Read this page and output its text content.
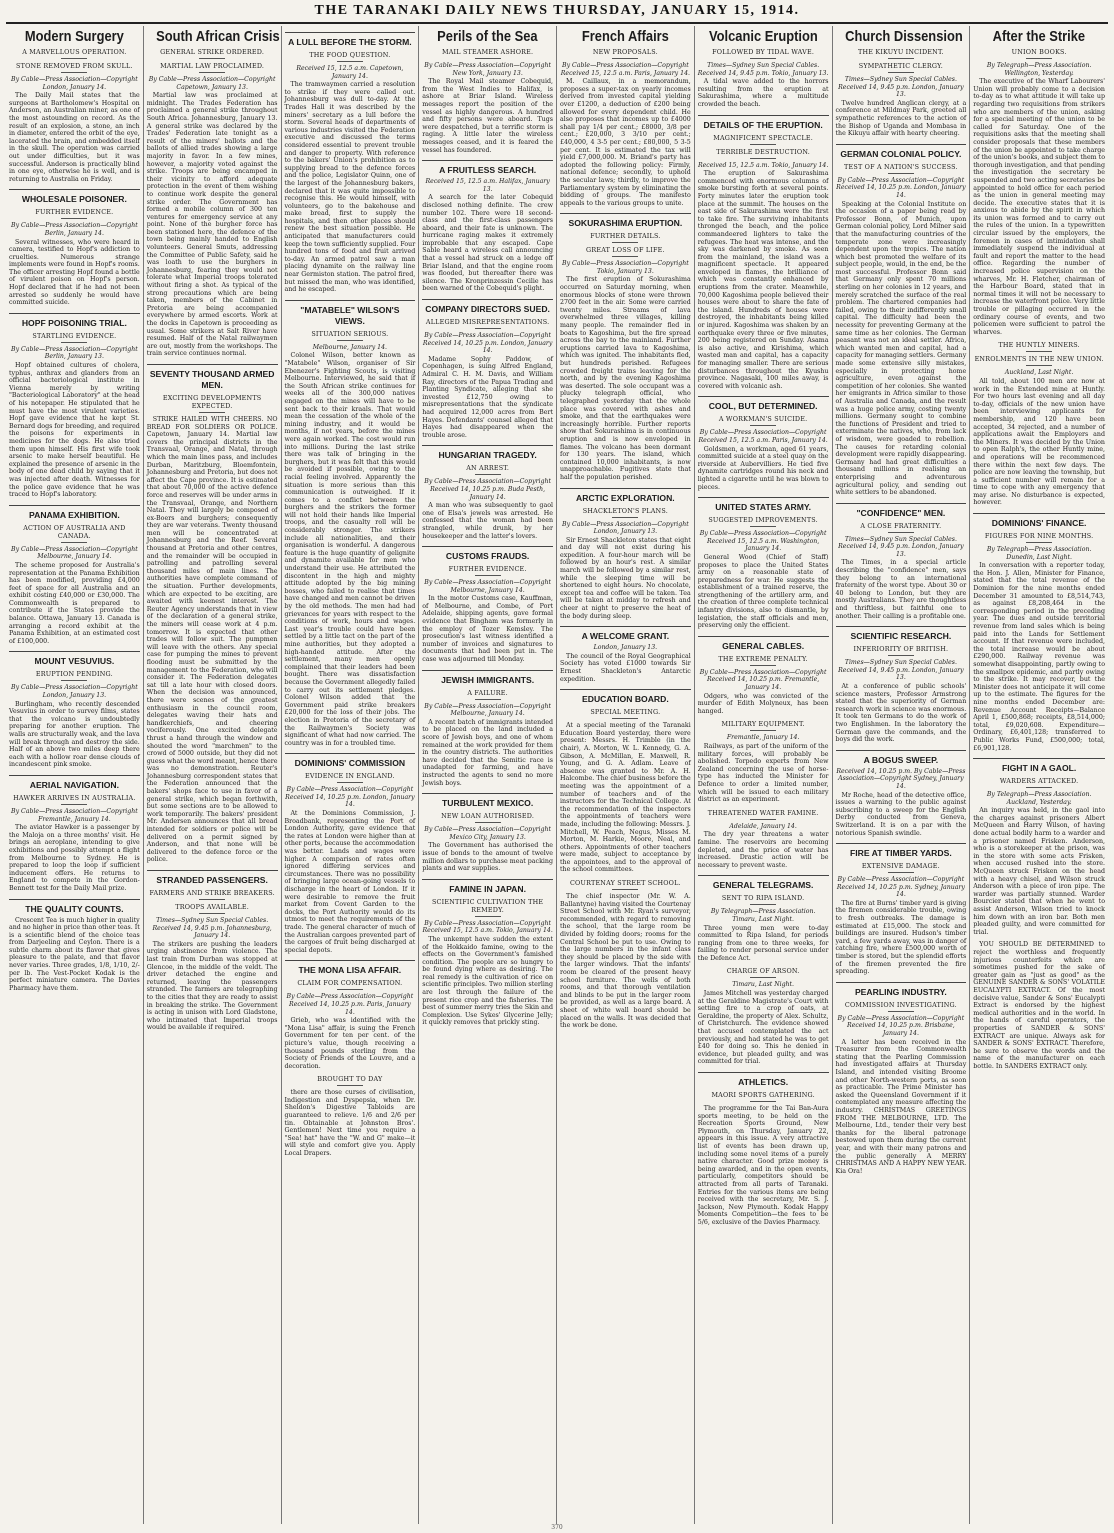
THE TARANAKI DAILY NEWS THURSDAY, JANUARY 15, 1914.
Modern Surgery
A MARVELLOUS OPERATION.
STONE REMOVED FROM SKULL.
By Cable—Press Association—Copyright London, January 14.

The Daily Mail states that the surgeons at Bartholomew's Hospital on Anderson, an Australian miner, as one of the most astounding on record. As the result of an explosion, a stone, an inch in diameter, entered the orbit of the eye, lacerated the brain, and embedded itself in the skull. The operation was carried out under difficulties, but it was successful. Anderson is practically blind in one eye, otherwise he is well, and is returning to Australia on Friday.

WHOLESALE POISONER.
FURTHER EVIDENCE.
By Cable—Press Association—Copyright Berlin, January 14.

Several witnesses, who were heard in camera, testified to Hopf's addiction to cruelties. Numerous strange implements were found in Hopf's rooms. The officer arresting Hopf found a bottle of virulent poison on Hopf's person. Hopf declared that if he had not been arrested so suddenly he would have committed suicide.

HOPF POISONING TRIAL.
STARTLING EVIDENCE.
By Cable—Press Association—Copyright Berlin, January 13.

Hopf obtained cultures of cholera, typhus, anthrax and glanders from an official bacteriological institute in Vienna merely by writing "Bacteriological Laboratory" at the head of his notepaper. He stipulated that he must have the most virulent varieties. Hopf gave evidence that he kept St. Bernard dogs for breeding, and required the poisons for experiments in medicines for the dogs. He also tried them upon himself. His first wife took arsenic to make herself beautiful. He explained the presence of arsenic in the body of one dead child by saying that it was injected after death. Witnesses for the police gave evidence that he was traced to Hopf's laboratory.

PANAMA EXHIBITION.
ACTION OF AUSTRALIA AND CANADA.
By Cable—Press Association—Copyright Melbourne, January 14.

The scheme proposed for Australia's representation at the Panama Exhibition has been modified, providing £4,000 feet of space for all Australia and an exhibit costing £40,000 or £30,000. The Commonwealth is prepared to contribute if the States provide the balance. Ottawa, January 13. Canada is arranging a record exhibit at the Panama Exhibition, at an estimated cost of £100,000.

MOUNT VESUVIUS.
ERUPTION PENDING.
By Cable—Press Association—Copyright London, January 13.

Burlingham, who recently descended Vesuvius in order to survey films, states that the volcano is undoubtedly preparing for another eruption. The walls are structurally weak, and the lava will break through and destroy the side. Half of an above two miles deep there each with a hollow roar dense clouds of incandescent pink smoke.

AERIAL NAVIGATION.
HAWKER ARRIVES IN AUSTRALIA.
By Cable—Press Association—Copyright Fremantle, January 14.

The aviator Hawker is a passenger by the Maloja on a three months' visit. He brings an aeroplane, intending to give exhibitions and possibly attempt a flight from Melbourne to Sydney. He is prepared to loop the loop if sufficient inducement offers. He returns to England to compete in the Gordon-Bennett test for the Daily Mail prize.

THE QUALITY COUNTS.

Crescent Tea is much higher in quality and no higher in price than other teas. It is a scientific blend of the choice teas from Darjeeling and Ceylon. There is a subtle charm about its flavor that gives pleasure to the palate, and that flavor never varies. Three grades, 1/8, 1/10, 2/- per lb. The Vest-Pocket Kodak is the perfect miniature camera. The Davies Pharmacy have them.

South African Crisis
GENERAL STRIKE ORDERED.
MARTIAL LAW PROCLAIMED.
By Cable—Press Association—Copyright Capetown, January 13.

Martial law was proclaimed at midnight. The Trades Federation has proclaimed a general strike throughout South Africa. Johannesburg, January 13. A general strike was declared by the Trades' Federation late tonight as a result of the miners' ballots and the ballots of allied trades showing a large majority in favor. In a few mines, however, a majority voted against the strike. Troops are being encamped in their vicinity to afford adequate protection in the event of them wishing to continue work despite the general strike order. The Government has formed a mobile column of 300 ten ventures for emergency service at any point. None of the burgher force has been stationed here, the defence of the town being mainly handed to English volunteers. General Smuts, addressing the Committee of Public Safety, said he was loath to use the burghers in Johannesburg, fearing they would not tolerate what Imperial troops tolerated without firing a shot. As typical of the strong precautions which are being taken, members of the Cabinet in Pretoria are being accompanied everywhere by armed escorts. Work at the docks in Capetown is proceeding as usual. Some strikers at Salt River have resumed. Half of the Natal railwaymen are out, mostly from the workshops. The train service continues normal.

SEVENTY THOUSAND ARMED MEN.
EXCITING DEVELOPMENTS EXPECTED.

STRIKE HAILED WITH CHEERS. NO BREAD FOR SOLDIERS OR POLICE. Capetown, January 14. Martial law covers the principal districts in the Transvaal, Orange, and Natal, through which the main lines pass, and includes Durban, Maritzburg, Bloemfontein, Johannesburg and Pretoria, but does not affect the Cape province. It is estimated that about 70,000 of the active defence force and reserves will be under arms in the Transvaal, Orange, and Northern Natal. They will largely be composed of ex-Boers and burghers; consequently they are war veterans. Twenty thousand men will be concentrated at Johannesburg and the Reef. Several thousand at Pretoria and other centres, and the remainder will be occupied in patrolling and patrolling several thousand miles of main lines. The authorities have complete command of the situation. Further developments, which are expected to be exciting, are awaited with keenest interest. The Reuter Agency understands that in view of the declaration of a general strike, the miners will cease work at 4 p.m. tomorrow. It is expected that other trades will follow suit. The pumpmen will leave with the others. Any special case for pumping the mines to prevent flooding must be submitted by the management to the Federation, who will consider it. The Federation delegates sat till a late hour with closed doors. When the decision was announced, there were scenes of the greatest enthusiasm in the council room, delegates waving their hats and handkerchiefs, and cheering vociferously. One excited delegate thrust a hand through the window and shouted the word "marchmen" to the crowd of 5000 outside, but they did not guess what the word meant, hence there was no demonstration. Reuter's Johannesburg correspondent states that the Federation announced that the bakers' shops face to use in favor of a general strike, which began forthwith, but some sections are to be allowed to work temporarily. The bakers' president Mr. Andersen announces that all bread intended for soldiers or police will be delivered on a permit signed by Anderson, and that none will be delivered to the defence force or the police.

STRANDED PASSENGERS.
FARMERS AND STRIKE BREAKERS.
TROOPS AVAILABLE.
Times—Sydney Sun Special Cables. Received 14, 9.45 p.m. Johannesburg, January 14.

The strikers are pushing the leaders urging abstinence from violence. The last train from Durban was stopped at Glencoe, in the middle of the veldt. The driver detached the engine and returned, leaving the passengers stranded. The farmers are telegraphing to the cities that they are ready to assist in breaking the strike. The Government is acting in unison with Lord Gladstone, who intimated that Imperial troops would be available if required.

A LULL BEFORE THE STORM.
THE FOOD QUESTION.
Received 15, 12.5 a.m. Capetown, January 14.

The tramwaymen carried a resolution to strike if they were called out. Johannesburg was dull to-day. At the Trades Hall it was described by the miners' secretary as a lull before the storm. Several heads of departments of various industries visited the Federation executive and discussed the terms considered essential to prevent trouble and danger to property. With reference to the bakers' Union's prohibition as to supplying bread to the defence forces and the police, Legislator Quinn, one of the largest of the Johannesburg bakers, declared that it was quite impossible to recognise this. He would himself, with volunteers, go to the bakehouse and make bread, first to supply the hospitals, and then other places should renew the best situation possible. He anticipated that manufacturers could keep the town sufficiently supplied. Four hundred tons of food and fruit arrived to-day. An armed patrol saw a man placing dynamite on the railway line near Germiston station. The patrol fired, but missed the man, who was identified, and he escaped.

"MATABELE" WILSON'S VIEWS.
SITUATION SERIOUS.
Melbourne, January 14.

Colonel Wilson, better known as "Matabele" Wilson, organiser of Sir Ebenezer's Fighting Scouts, is visiting Melbourne. Interviewed, he said that if the South African strike continues for weeks all of the 300,000 natives engaged on the mines will have to be sent back to their kraals. That would mean the cessation of the whole of the mining industry, and it would be months, if not years, before the mines were again worked. The cost would run into millions. During the last strike there was talk of bringing in the burghers, but it was felt that this would be avoided if possible, owing to the racial feeling involved. Apparently the situation is more serious than this communication is outweighed. If it comes to a conflict between the burghers and the strikers the former will not hold their hands like Imperial troops, and the casualty roll will be considerably stronger. The strikers include all nationalities, and their organisation is wonderful. A dangerous feature is the huge quantity of gelignite and dynamite available for men who understand their use. He attributed the discontent in the high and mighty attitude adopted by the big mining bosses, who failed to realise that times have changed and men cannot be driven by the old methods. The men had had grievances for years with respect to the conditions of work, hours and wages. Last year's trouble could have been settled by a little tact on the part of the mine authorities, but they adopted a high-handed attitude. After the settlement, many men openly complained that their leaders had been bought. There was dissatisfaction because the Government allegedly failed to carry out its settlement pledges. Colonel Wilson added that the Government paid strike breakers £20,000 for the loss of their jobs. The election in Pretoria of the secretary of the Railwaymen's Society was significant of what had now carried. The country was in for a troubled time.

DOMINIONS' COMMISSION
EVIDENCE IN ENGLAND.
By Cable—Press Association—Copyright Received 14, 10.25 p.m. London, January 14.

At the Dominions Commission, J. Broadbank, representing the Port of London Authority, gave evidence that the rates at London were higher than at other ports, because the accommodation was better. Lands and wages were higher. A comparison of rates often ignored differing services and circumstances. There was no possibility of bringing large ocean-going vessels to discharge in the heart of London. If it were desirable to remove the fruit market from Covent Garden to the docks, the Port Authority would do its utmost to meet the requirements of the trade. The general character of much of the Australian cargoes prevented part of the cargoes of fruit being discharged at special depots.

THE MONA LISA AFFAIR.
CLAIM FOR COMPENSATION.
By Cable—Press Association—Copyright Received 14, 10.25 p.m. Paris, January 14.

Grieb, who was identified with the "Mona Lisa" affair, is suing the French Government for ten per cent. of the picture's value, though receiving a thousand pounds sterling from the Society of Friends of the Louvre, and a decoration.

BROUGHT TO DAY

there are those curses of civilisation, Indigestion and Dyspepsia, when Dr. Sheldon's Digestive Tabloids are guaranteed to relieve. 1/6 and 2/6 per tin. Obtainable at Johnston Bros'. Gentlemen! Next time you require a "Sea! hat" have the "W. and G" make—it will style and comfort give you. Apply Local Drapers.

Perils of the Sea
MAIL STEAMER ASHORE.
By Cable—Press Association—Copyright New York, January 13.

The Royal Mail steamer Cobequid, from the West Indies to Halifax, is ashore at Briar Island. Wireless messages report the position of the vessel as highly dangerous. A hundred and fifty persons were aboard. Tugs were despatched, but a terrific storm is raging. A little later the wireless messages ceased, and it is feared the vessel has foundered.

A FRUITLESS SEARCH.
Received 15, 12.5 a.m. Halifax, January 13.

A search for the later Cobequid disclosed nothing definite. The crew number 102. There were 18 second-class and the first-class passengers aboard, and their fate is unknown. The hurricane raging makes it extremely improbable that any escaped. Cape Sable heard a wireless call announcing that a vessel had struck on a ledge off Briar Island, and that the engine room was flooded, but thereafter there was silence. The Kronprinzessin Cecilie has been warned of the Cobequid's plight.

COMPANY DIRECTORS SUED.
ALLEGED MISREPRESENTATIONS.
By Cable—Press Association—Copyright Received 14, 10.25 p.m. London, January 14.

Madame Sophy Paddow, of Copenhagen, is suing Alfred England, Admiral C. H. M. Davis, and William Ray, directors of the Papua Trading and Planting Syndicate, alleging that she invested £12,750 owing to misrepresentations that the syndicate had acquired 12,000 acres from Bert Hayes. Defendants' counsel alleged that Hayes had disappeared when the trouble arose.

HUNGARIAN TRAGEDY.
AN ARREST.
By Cable—Press Association—Copyright Received 14, 10.25 p.m. Buda Pesth, January 14.

A man who was subsequently to gaol one of Elsa's jewels was arrested. He confessed that the woman had been strangled, while drunk, by her housekeeper and the latter's lovers.

CUSTOMS FRAUDS.
FURTHER EVIDENCE.
By Cable—Press Association—Copyright Melbourne, January 14.

In the motor Customs case, Kauffman, of Melbourne, and Combe, of Port Adelaide, shipping agents, gave formal evidence that Bingham was formerly in the employ of Tozer Kemsley. The prosecution's last witness identified a number of invoices and signatures to documents that had been put in. The case was adjourned till Monday.

JEWISH IMMIGRANTS.
A FAILURE.
By Cable—Press Association—Copyright Melbourne, January 14.

A recent batch of immigrants intended to be placed on the land included a score of Jewish boys, and one of whom remained at the work provided for them in the country districts. The authorities have decided that the Semitic race is unadapted for farming, and have instructed the agents to send no more Jewish boys.

TURBULENT MEXICO.
NEW LOAN AUTHORISED.
By Cable—Press Association—Copyright Mexico City, January 13.

The Government has authorised the issue of bonds to the amount of twelve million dollars to purchase meat packing plants and war supplies.

FAMINE IN JAPAN.
SCIENTIFIC CULTIVATION THE REMEDY.
By Cable—Press Association—Copyright Received 15, 12.5 a.m. Tokio, January 14.

The unkempt have sudden the extent of the Hokkaido famine, owing to the effects on the Government's famished condition. The people are so hungry to be found dying where as desiring. The real remedy is the cultivation of rice on scientific principles. Two million sterling are lost through the failure of the present rice crop and the fisheries. The best of summer merry tries the Skin and Complexion. Use Sykes' Glycerine Jelly; it quickly removes that prickly sting.

French Affairs
NEW PROPOSALS.
By Cable—Press Association—Copyright Received 15, 12.5 a.m. Paris, January 14.

M. Caillaux, in a memorandum, proposes a super-tax on yearly incomes derived from invested capital yielding over £1200, a deduction of £200 being allowed for every dependent child. He also proposes that incomes up to £4000 shall pay 1/4 per cent.; £8000, 3/8 per cent.; £20,000, 3 3/10 per cent.; £40,000, 4 3-5 per cent.; £80,000, 5 3-5 per cent. It is estimated the tax will yield £7,000,000. M. Briand's party has adopted the following policy: Firmly, national defence; secondly, to uphold the secular laws; thirdly, to improve the Parliamentary system by eliminating the bidding of groups. The manifesto appeals to the various groups to unite.

SOKURASHIMA ERUPTION.
FURTHER DETAILS.
GREAT LOSS OF LIFE.
By Cable—Press Association—Copyright Tokio, January 13.

The first eruption of Sokurashima occurred on Saturday morning, when enormous blocks of stone were thrown 2700 feet in the air. Some were carried twenty miles. Streams of lava overwhelmed three villages, killing many people. The remainder fled in boats to Kagoshima, but the fire spread across the bay to the mainland. Further eruptions carried lava to Kagoshima, which was ignited. The inhabitants fled, but hundreds perished. Refugees crowded freight trains leaving for the north, and by the evening Kagoshima was deserted. The sole occupant was a plucky telegraph official, who telegraphed yesterday that the whole place was covered with ashes and smoke, and that the earthquakes were increasingly horrible. Further reports show that Sokurashima is in continuous eruption and is now enveloped in flames. The volcano has been dormant for 130 years. The island, which contained 10,000 inhabitants, is now unapproachable. Fugitives state that half the population perished.

ARCTIC EXPLORATION.
SHACKLETON'S PLANS.
By Cable—Press Association—Copyright London, January 13.

Sir Ernest Shackleton states that eight and day will not exist during his expedition. A four-hour march will be followed by an hour's rest. A similar march will be followed by a similar rest, while the sleeping time will be shortened to eight hours. No chocolate, except tea and coffee will be taken. Tea will be taken at midday to refresh and cheer at night to preserve the heat of the body during sleep.

A WELCOME GRANT.
London, January 13.

The council of the Royal Geographical Society has voted £1000 towards Sir Ernest Shackleton's Antarctic expedition.

EDUCATION BOARD.
SPECIAL MEETING.

At a special meeting of the Taranaki Education Board yesterday, there were present: Messrs. H. Trimble (in the chair), A. Morton, W. L. Kennedy, G. A. Gibson, A. McMillan, E. Maxwell, R. Young, and G. A. Adlam. Leave of absence was granted to Mr. A. H. Halcombe. The chief business before the meeting was the appointment of a number of teachers and of the instructors for the Technical College. At the recommendation of the inspectors the appointments of teachers were made, including the following: Messrs. J. Mitchell, W. Peach, Negus, Misses M. Morton, M. Harkie, Moore, Neal, and others. Appointments of other teachers were made, subject to acceptance by the appointees, and to the approval of the school committees.

COURTENAY STREET SCHOOL.

The chief inspector (Mr. W. A. Ballantyne) having visited the Courtenay Street School with Mr. Ryan's surveyor, recommended, with regard to removing the school, that the large room be divided by folding doors; rooms for the Central School be put to use. Owing to the large numbers in the infant class they should be placed by the side with the larger windows. That the infants' room be cleared of the present heavy school furniture. The wells of both rooms, and that thorough ventilation and blinds to be put in the larger room be provided, as well as a large board. A sheet of white wall board should be placed on the walls. It was decided that the work be done.

Volcanic Eruption
FOLLOWED BY TIDAL WAVE.
Times—Sydney Sun Special Cables. Received 14, 9.45 p.m. Tokio, January 13.

A tidal wave added to the horrors resulting from the eruption at Sakurashima, where a multitude crowded the beach.

DETAILS OF THE ERUPTION.
MAGNIFICENT SPECTACLE.
TERRIBLE DESTRUCTION.
Received 15, 12.5 a.m. Tokio, January 14.

The eruption of Sakurashima commenced with enormous columns of smoke bursting forth at several points. Forty minutes later the eruption took place at the summit. The houses on the east side of Sakurashima were the first to take fire. The surviving inhabitants thronged the beach, and the police commandeered lighters to take the refugees. The heat was intense, and the sky was darkened by smoke. As seen from the mainland, the island was a magnificent spectacle. It appeared enveloped in flames, the brilliance of which was constantly enhanced by eruptions from the crater. Meanwhile, 70,000 Kagoshima people believed their houses were about to share the fate of the island. Hundreds of houses were destroyed, the inhabitants being killed or injured. Kagoshima was shaken by an earthquake every three or five minutes, 200 being registered on Sunday. Asama is also active, and Kirishima, which wasted man and capital, has a capacity for managing smaller. There are serious disturbances throughout the Kyushu province. Nagasaki, 100 miles away, is covered with volcanic ash.

COOL, BUT DETERMINED.
A WORKMAN'S SUICIDE.
By Cable—Press Association—Copyright Received 15, 12.5 a.m. Paris, January 14.

Goldsmen, a workman, aged 61 years, committed suicide at a steel quay on the riverside at Aubervilliers. He tied five dynamite cartridges round his neck and lighted a cigarette until he was blown to pieces.

UNITED STATES ARMY.
SUGGESTED IMPROVEMENTS.
By Cable—Press Association—Copyright Received 15, 12.5 a.m. Washington, January 14.

General Wood (Chief of Staff) proposes to place the United States army on a reasonable state of preparedness for war. He suggests the establishment of a trained reserve, the strengthening of the artillery arm, and the creation of three complete technical infantry divisions, also to dismantle, by legislation, the staff officials and men, preserving only the efficient.

GENERAL CABLES.
THE EXTREME PENALTY.
By Cable—Press Association—Copyright Received 14, 10.25 p.m. Fremantle, January 14.

Odgers, who was convicted of the murder of Edith Molyneux, has been hanged.

MILITARY EQUIPMENT.
Fremantle, January 14.

Railways, as part of the uniform of the military forces, will probably be abolished. Torpedo experts from New Zealand concerning the use of horse-type has inducted the Minister for Defence to order a limited number, which will be issued to each military district as an experiment.

THREATENED WATER FAMINE.
Adelaide, January 14.

The dry year threatens a water famine. The reservoirs are becoming depleted, and the price of water has increased. Drastic action will be necessary to prevent waste.

GENERAL TELEGRAMS.
SENT TO RIPA ISLAND.
By Telegraph—Press Association. Timaru, Last Night.

Three young men were to-day committed to Ripa Island, for periods ranging from one to three weeks, for failing to render personal service under the Defence Act.

CHARGE OF ARSON.
Timaru, Last Night.

James Mitchell was yesterday charged at the Geraldine Magistrate's Court with setting fire to a crop of oats, at Geraldine, the property of Alex. Schultz, of Christchurch. The evidence showed that accused contemplated the act previously, and had stated he was to get £40 for doing so. This he denied in evidence, but pleaded guilty, and was committed for trial.

ATHLETICS.
MAORI SPORTS GATHERING.

The programme for the Tai Ban-Aura sports meeting, to be held on the Recreation Sports Ground, New Plymouth, on Thursday, January 22, appears in this issue. A very attractive list of events has been drawn up, including some novel items of a purely native character. Good prize money is being awarded, and in the open events, particularly, competitors should be attracted from all parts of Taranaki. Entries for the various items are being received with the secretary, Mr. S. J. Jackson, New Plymouth. Kodak Happy Moments Competition—the fees to be 5/6, exclusive of the Davies Pharmacy.

Church Dissension
THE KIKUYU INCIDENT.
SYMPATHETIC CLERGY.
Times—Sydney Sun Special Cables. Received 14, 9.45 p.m. London, January 13.

Twelve hundred Anglican clergy, at a conference at Mildmay Park, greeted all sympathetic references to the action of the Bishop of Uganda and Mombasa in the Kikuyu affair with hearty cheering.

GERMAN COLONIAL POLICY.
TEST OF A NATION'S SUCCESS.
By Cable—Press Association—Copyright Received 14, 10.25 p.m. London, January 14.

Speaking at the Colonial Institute on the occasion of a paper being read by Professor Bonn, of Munich, upon German colonial policy, Lord Milner said that the manufacturing countries of the temperate zone were increasingly dependent upon the tropics. The nation which best promoted the welfare of its subject people, would, in the end, be the most successful. Professor Bonn said that Germany only spent 70 millions sterling on her colonies in 12 years, and merely scratched the surface of the real problem. The chartered companies had failed, owing to their indifferently small capital. The difficulty had been the necessity for preventing Germany at the same time as her colonies. The German peasant was not an ideal settler. Africa, which wanted men and capital, had a capacity for managing settlers. Germany made some extensive silly mistakes, especially in protecting home agriculture, even against the competition of her colonies. She wanted her emigrants in Africa similar to those of Australia and Canada, and the result was a huge police army, costing twenty millions. Germany sought to combine the functions of President and tried to exterminate the natives, who, from lack of wisdom, were goaded to rebellion. The causes for retarding colonial development were rapidly disappearing. Germany had had great difficulties a thousand millions in realising an enterprising and adventurous agricultural policy, and sending out white settlers to be abandoned.

"CONFIDENCE" MEN.
A CLOSE FRATERNITY.
Times—Sydney Sun Special Cables. Received 14, 9.45 p.m. London, January 13.

The Times, in a special article describing the "confidence" men, says they belong to an international fraternity of the worst type. About 30 or 40 belong to London, but they are mostly Australians. They are thoughtless and thriftless, but faithful one to another. Their calling is a profitable one.

SCIENTIFIC RESEARCH.
INFERIORITY OF BRITISH.
Times—Sydney Sun Special Cables. Received 14, 9.45 p.m. London, January 13.

At a conference of public schools' science masters, Professor Armstrong stated that the superiority of German research work in science was enormous. It took ten Germans to do the work of two Englishmen. In the laboratory the German gave the commands, and the boys did the work.

A BOGUS SWEEP.
Received 14, 10.25 p.m. By Cable—Press Association—Copyright Sydney, January 14.

Mr Roche, head of the detective office, issues a warning to the public against subscribing to a sweep for the English Derby conducted from Geneva, Switzerland. It is on a par with the notorious Spanish swindle.

FIRE AT TIMBER YARDS.
EXTENSIVE DAMAGE.
By Cable—Press Association—Copyright Received 14, 10.25 p.m. Sydney, January 14.

The fire at Burns' timber yard is giving the firemen considerable trouble, owing to fresh outbreaks. The damage is estimated at £15,000. The stock and buildings are insured. Hudson's timber yard, a few yards away, was in danger of catching fire, where £500,000 worth of timber is stored, but the splendid efforts of the firemen prevented the fire spreading.

PEARLING INDUSTRY.
COMMISSION INVESTIGATING.
By Cable—Press Association—Copyright Received 14, 10.25 p.m. Brisbane, January 14.

A letter has been received in the Treasurer from the Commonwealth stating that the Pearling Commission had investigated affairs at Thursday Island, and intended visiting Broome and other North-western ports, as soon as practicable. The Prime Minister has asked the Queensland Government if it contemplated any measure affecting the industry. CHRISTMAS GREETINGS FROM THE MELBOURNE, LTD. The Melbourne, Ltd., tender their very best thanks for the liberal patronage bestowed upon them during the current year, and with their many patrons and the public generally A MERRY CHRISTMAS AND A HAPPY NEW YEAR. Kia Ora!

After the Strike
UNION BOOKS.
By Telegraph—Press Association. Wellington, Yesterday.

The executive of the Wharf Labourers' Union will probably come to a decision to-day as to what attitude it will take up regarding two requisitions from strikers who are members of the union, asking for a special meeting of the union to be called for Saturday. One of the requisitions asks that the meeting shall consider proposals that these members of the union be appointed to take charge of the union's books, and subject them to thorough investigation, and that pending the investigation the secretary be suspended and two acting secretaries be appointed to hold office for each period as the union in general meeting may decide. The executive states that it is anxious to abide by the spirit in which its union was formed and to carry out the rules of the union. In a typewritten circular issued by the employers, the foremen in cases of intimidation shall immediately suspend the individual at fault and report the matter to the head office. Regarding the number of increased police supervision on the wharves, Mr. H. Fletcher, chairman of the Harbour Board, stated that in normal times it will not be necessary to increase the waterfront police. Very little trouble or pillaging occurred in the ordinary course of events, and two policemen were sufficient to patrol the wharves.

THE HUNTLY MINERS.
ENROLMENTS IN THE NEW UNION.
Auckland, Last Night.

All told, about 100 men are now at work in the Extended mine at Huntly. For two hours last evening and all day to-day, officials of the new union have been interviewing applicants for membership, and 120 have been accepted, 34 rejected, and a number of applications await the Employers and the Miners. It was decided by the Union to open Ralph's, the other Huntly mine, and operations will be recommenced there within the next few days. The police are now leaving the township, but a sufficient number will remain for a time to cope with any emergency that may arise. No disturbance is expected, however.

DOMINIONS' FINANCE.
FIGURES FOR NINE MONTHS.
By Telegraph—Press Association. Dunedin, Last Night.

In conversation with a reporter today, the Hon. J. Allen, Minister for Finance, stated that the total revenue of the Dominion for the nine months ended December 31 amounted to £8,514,743, as against £8,208,464 in the corresponding period in the preceding year. The dues and outside territorial revenue from land sales which is being paid into the Lands for Settlement account. If that revenue were included, the total increase would be about £290,000. Railway revenue was somewhat disappointing, partly owing to the smallpox epidemic, and partly owing to the strike. It may recover, but the Minister does not anticipate it will come up to the estimate. The figures for the nine months ended December are: Revenue Account Receipts—Balance April 1, £500,868; receipts, £8,514,000; total, £9,020,608. Expenditure—Ordinary, £6,401,128; transferred to Public Works Fund, £500,000; total, £6,901,128.

FIGHT IN A GAOL.
WARDERS ATTACKED.
By Telegraph—Press Association. Auckland, Yesterday.

An inquiry was held, in the gaol into the charges against prisoners Albert McQueen and Harry Wilson, of having done actual bodily harm to a warder and a prisoner named Frisken. Anderson, who is a storekeeper at the prison, was in the store with some acts Frisken, when accused rushed into the store. McQueen struck Frisken on the head with a heavy chisel, and Wilson struck Anderson with a piece of iron pipe. The warder was partially stunned. Warder Bourcier stated that when he went to assist Anderson, Wilson tried to knock him down with an iron bar. Both men pleaded guilty, and were committed for trial.

YOU SHOULD BE DETERMINED to reject the worthless and frequently injurious counterfeits which are sometimes pushed for the sake of greater gain as "just as good" as the GENUINE SANDER & SONS' VOLATILE EUCALYPTI EXTRACT. Of the most decisive value, Sander & Sons' Eucalypti Extract is endorsed by the highest medical authorities and in the world. In the hands of careful operators, the properties of SANDER & SONS' EXTRACT are unique. Always ask for SANDER & SONS' EXTRACT. Therefore, be sure to observe the words and the name of the manufacturer on each bottle. In SANDERS EXTRACT only.

370
